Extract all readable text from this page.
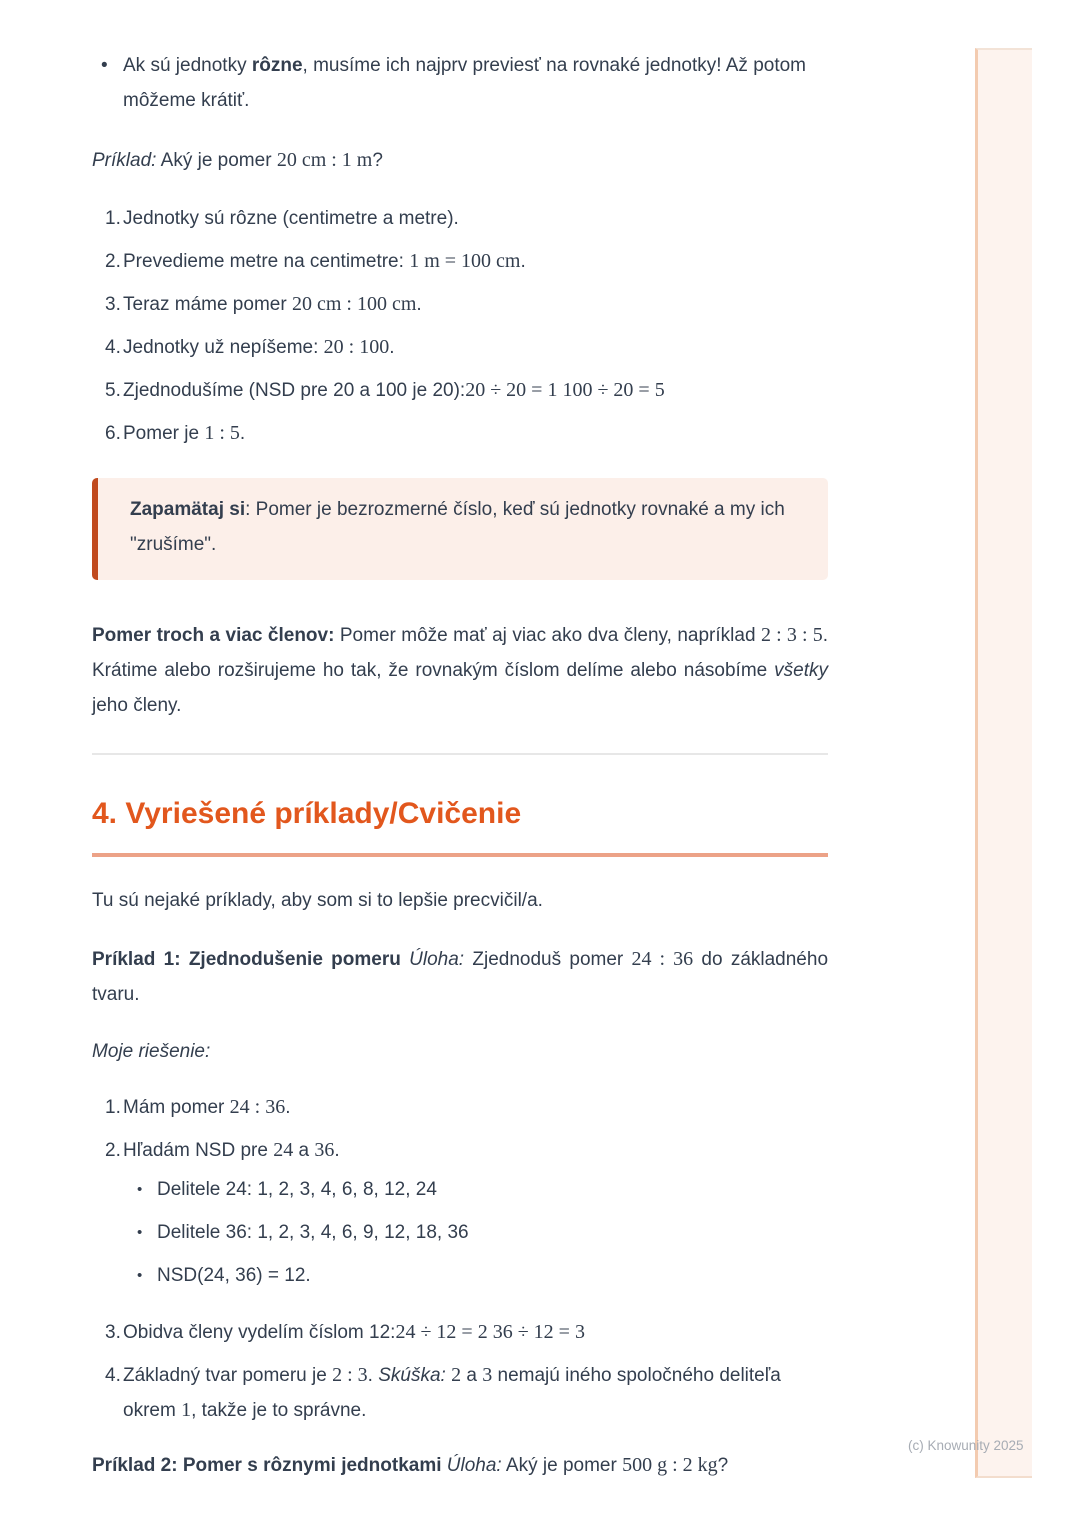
• Ak sú jednotky rôzne, musíme ich najprv previesť na rovnaké jednotky! Až potom môžeme krátiť.

Príklad: Aký je pomer 20 cm : 1 m?

1. Jednotky sú rôzne (centimetre a metre).
2. Prevedieme metre na centimetre: 1 m = 100 cm.
3. Teraz máme pomer 20 cm : 100 cm.
4. Jednotky už nepíšeme: 20 : 100.
5. Zjednodušíme (NSD pre 20 a 100 je 20):20 ÷ 20 = 1 100 ÷ 20 = 5
6. Pomer je 1 : 5.

Zapamätaj si: Pomer je bezrozmerné číslo, keď sú jednotky rovnaké a my ich "zrušíme".

Pomer troch a viac členov: Pomer môže mať aj viac ako dva členy, napríklad 2 : 3 : 5. Krátime alebo rozširujeme ho tak, že rovnakým číslom delíme alebo násobíme všetky jeho členy.

4. Vyriešené príklady/Cvičenie

Tu sú nejaké príklady, aby som si to lepšie precvičil/a.

Príklad 1: Zjednodušenie pomeru Úloha: Zjednoduš pomer 24 : 36 do základného tvaru.

Moje riešenie:

1. Mám pomer 24 : 36.
2. Hľadám NSD pre 24 a 36.
• Delitele 24: 1, 2, 3, 4, 6, 8, 12, 24
• Delitele 36: 1, 2, 3, 4, 6, 9, 12, 18, 36
• NSD(24, 36) = 12.
3. Obidva členy vydelím číslom 12:24 ÷ 12 = 2 36 ÷ 12 = 3
4. Základný tvar pomeru je 2 : 3. Skúška: 2 a 3 nemajú iného spoločného deliteľa okrem 1, takže je to správne.

Príklad 2: Pomer s rôznymi jednotkami Úloha: Aký je pomer 500 g : 2 kg?

(c) Knowunity 2025
